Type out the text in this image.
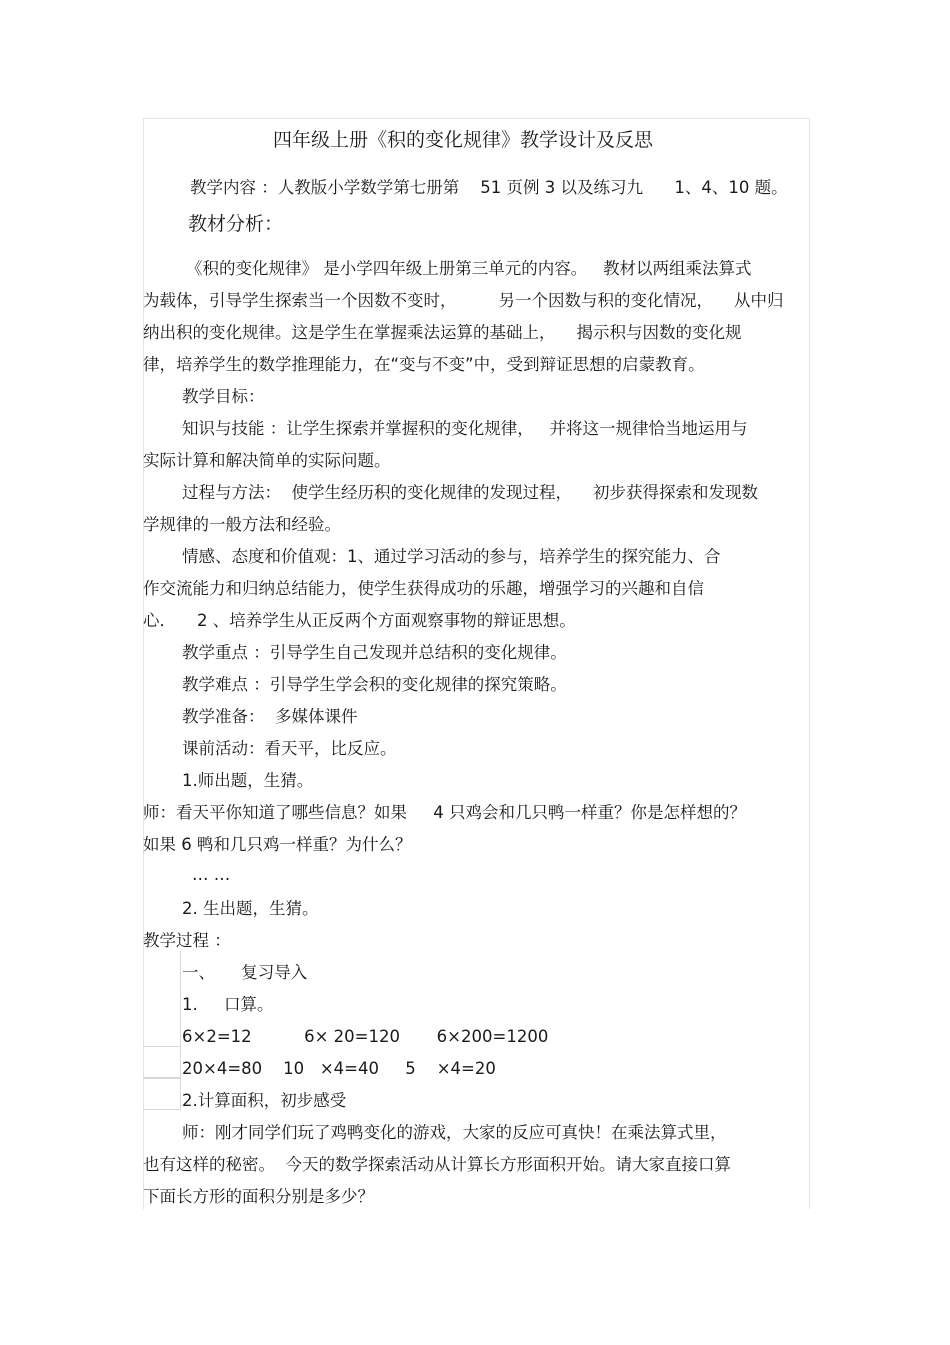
四年级上册《积的变化规律》教学设计及反思
教学内容 ：人教版小学数学第七册第    51 页例 3 以及练习九      1、4、10 题。
教材分析：
《积的变化规律》 是小学四年级上册第三单元的内容。   教材以两组乘法算式
为载体，引导学生探索当一个因数不变时，        另一个因数与积的变化情况，    从中归
纳出积的变化规律。这是学生在掌握乘法运算的基础上，    揭示积与因数的变化规
律，培养学生的数学推理能力，在“变与不变”中，受到辩证思想的启蒙教育。
教学目标：
知识与技能 ：让学生探索并掌握积的变化规律，   并将这一规律恰当地运用与
实际计算和解决简单的实际问题。
过程与方法：  使学生经历积的变化规律的发现过程，    初步获得探索和发现数
学规律的一般方法和经验。
情感、态度和价值观：1、通过学习活动的参与，培养学生的探究能力、合
作交流能力和归纳总结能力，使学生获得成功的乐趣，增强学习的兴趣和自信
心．    2 、培养学生从正反两个方面观察事物的辩证思想。
教学重点 ：引导学生自己发现并总结积的变化规律。
教学难点 ：引导学生学会积的变化规律的探究策略。
教学准备：  多媒体课件
课前活动：看天平，比反应。
1.师出题，生猜。
师：看天平你知道了哪些信息？如果     4 只鸡会和几只鸭一样重？你是怎样想的？
如果 6 鸭和几只鸡一样重？为什么？
… …
2. 生出题，生猜。
教学过程 ：
一、     复习导入
1.     口算。
6×2=12          6× 20=120       6×200=1200
20×4=80    10   ×4=40     5    ×4=20
2.计算面积，初步感受
师：刚才同学们玩了鸡鸭变化的游戏，大家的反应可真快！在乘法算式里，
也有这样的秘密。  今天的数学探索活动从计算长方形面积开始。请大家直接口算
下面长方形的面积分别是多少？
